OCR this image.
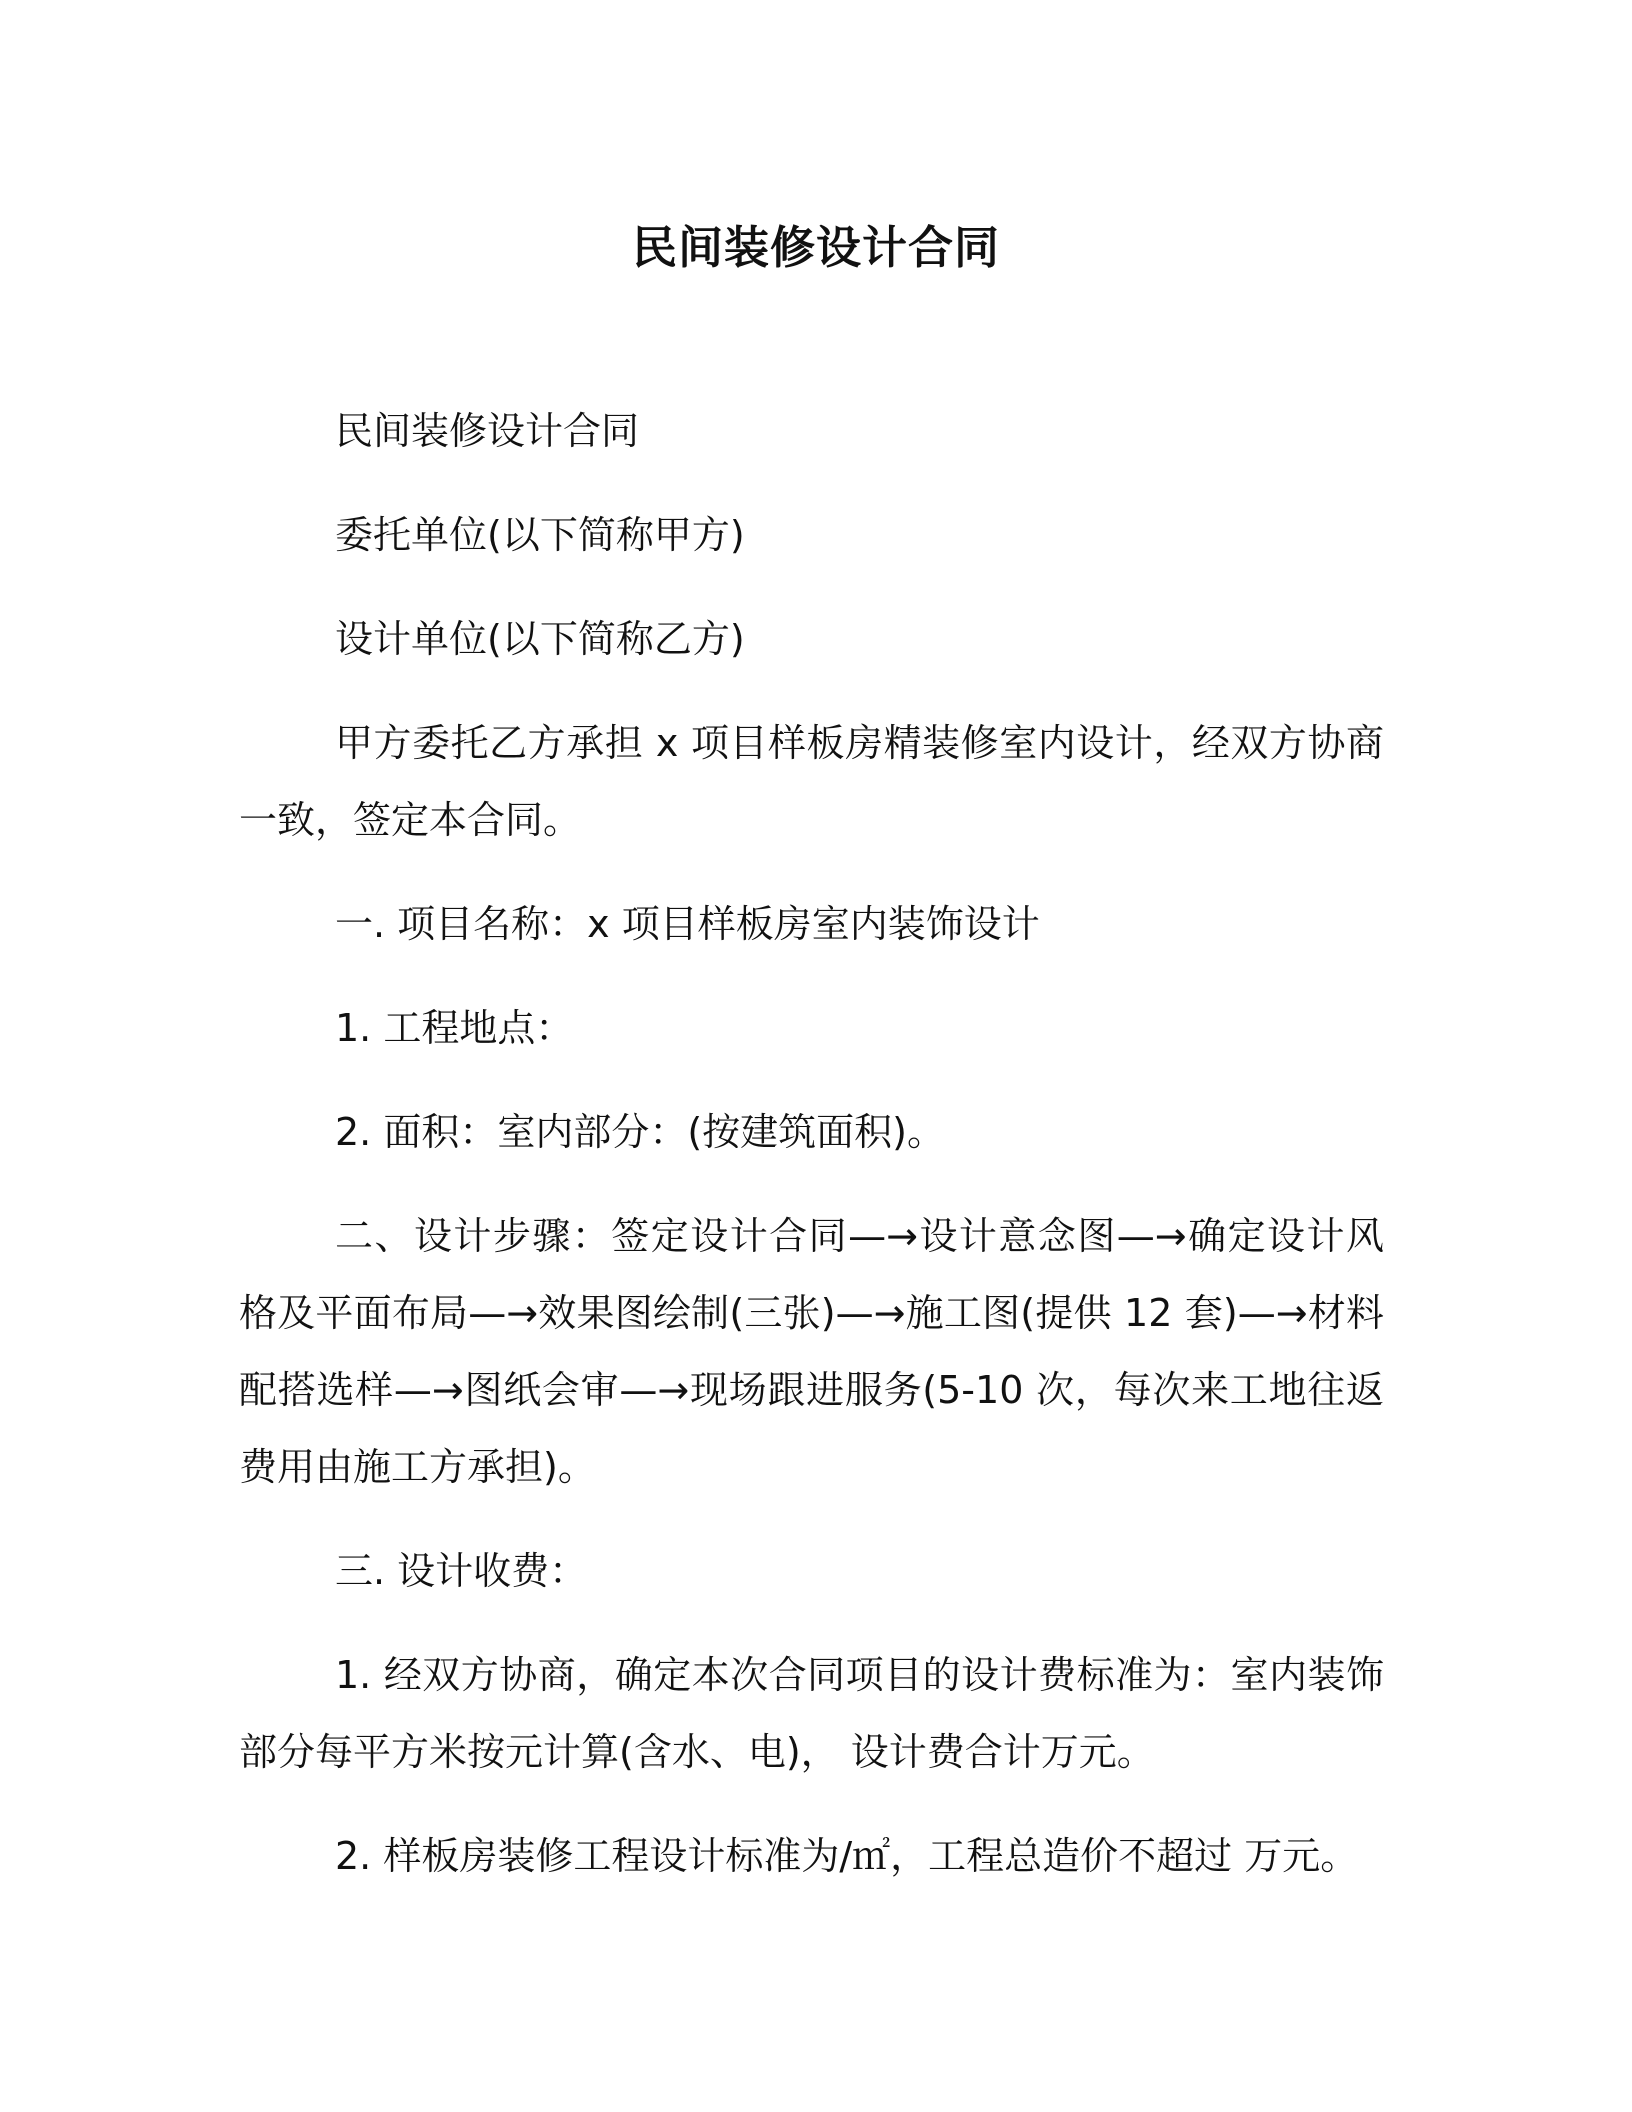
民间装修设计合同

民间装修设计合同

委托单位(以下简称甲方)

设计单位(以下简称乙方)

甲方委托乙方承担 x 项目样板房精装修室内设计，经双方协商一致，签定本合同。

一. 项目名称：x 项目样板房室内装饰设计

1. 工程地点：

2. 面积：室内部分：(按建筑面积)。

二、设计步骤：签定设计合同—→设计意念图—→确定设计风格及平面布局—→效果图绘制(三张)—→施工图(提供 12 套)—→材料配搭选样—→图纸会审—→现场跟进服务(5-10 次，每次来工地往返费用由施工方承担)。

三. 设计收费：

1. 经双方协商，确定本次合同项目的设计费标准为：室内装饰部分每平方米按元计算(含水、电)， 设计费合计万元。

2. 样板房装修工程设计标准为/㎡，工程总造价不超过 万元。
